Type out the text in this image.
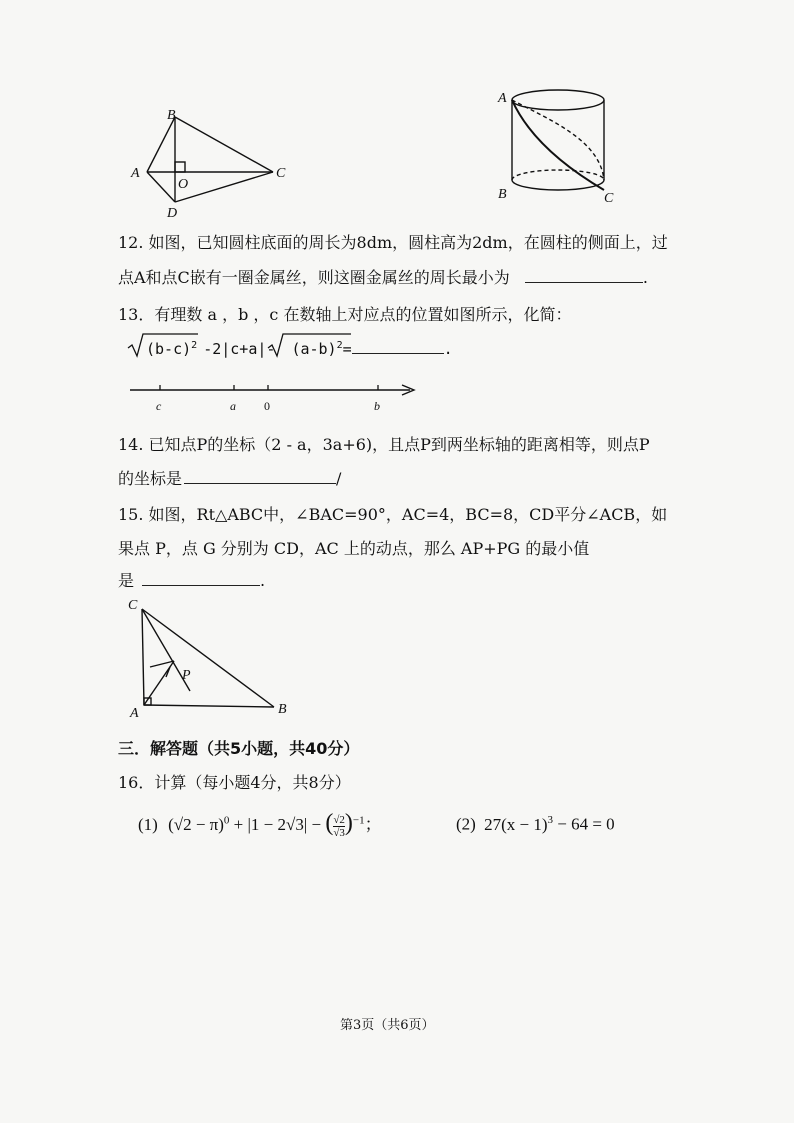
B
A
O
C
D
A
B	C
12. 如图，已知圆柱底面的周长为8dm，圆柱高为2dm，在圆柱的侧面上，过
点A和点C嵌有一圈金属丝，则这圈金属丝的周长最小为	.
13．有理数 a ，b ，c 在数轴上对应点的位置如图所示，化简：
$(b-c)^2$ -2|c+a|- $(a-b)^2=$	.
c	a 0	b
14. 已知点P的坐标（2 - a，3a+6)，且点P到两坐标轴的距离相等，则点P
的坐标是	/
15. 如图，Rt△ABC中，∠BAC=90°，AC=4，BC=8，CD平分∠ACB，如
果点 P，点 G 分别为 CD，AC 上的动点，那么 AP+PG 的最小值
是	.
C
P
A	B
三．解答题（共5小题，共40分）
16．计算（每小题4分，共8分）
(1) $(√2 - \pi)^0 + |1 - 2√3|$ − ( $\frac{√2}{√3} )^{-1}$；	(2) $27(x - 1)^3 - 64 = 0$
第3页（共6页）
